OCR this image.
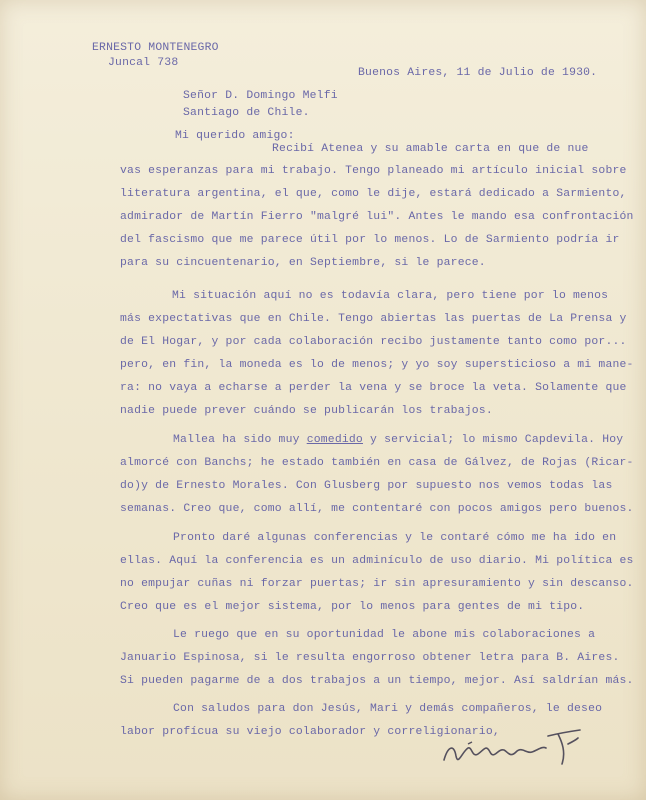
ERNESTO MONTENEGRO
Juncal 738
Buenos Aires, 11 de Julio de 1930.
Señor D. Domingo Melfi
Santiago de Chile.
Mi querido amigo:
Recibí Atenea y su amable carta en que de nue
vas esperanzas para mi trabajo. Tengo planeado mi artículo inicial sobre
literatura argentina, el que, como le dije, estará dedicado a Sarmiento,
admirador de Martín Fierro "malgré lui". Antes le mando esa confrontación
del fascismo que me parece útil por lo menos. Lo de Sarmiento podría ir
para su cincuentenario, en Septiembre, si le parece.
Mi situación aquí no es todavía clara, pero tiene por lo menos
más expectativas que en Chile. Tengo abiertas las puertas de La Prensa y
de El Hogar, y por cada colaboración recibo justamente tanto como por...
pero, en fin, la moneda es lo de menos; y yo soy supersticioso a mi mane-
ra: no vaya a echarse a perder la vena y se broce la veta. Solamente que
nadie puede prever cuándo se publicarán los trabajos.
Mallea ha sido muy comedido y servicial; lo mismo Capdevila. Hoy
almorcé con Banchs; he estado también en casa de Gálvez, de Rojas (Ricar-
do)y de Ernesto Morales. Con Glusberg por supuesto nos vemos todas las
semanas. Creo que, como allí, me contentaré con pocos amigos pero buenos.
Pronto daré algunas conferencias y le contaré cómo me ha ido en
ellas. Aquí la conferencia es un adminículo de uso diario. Mi política es
no empujar cuñas ni forzar puertas; ir sin apresuramiento y sin descanso.
Creo que es el mejor sistema, por lo menos para gentes de mi tipo.
Le ruego que en su oportunidad le abone mis colaboraciones a
Januario Espinosa, si le resulta engorroso obtener letra para B. Aires.
Si pueden pagarme de a dos trabajos a un tiempo, mejor. Así saldrían más.
Con saludos para don Jesús, Mari y demás compañeros, le deseo
labor profícua su viejo colaborador y correligionario,
